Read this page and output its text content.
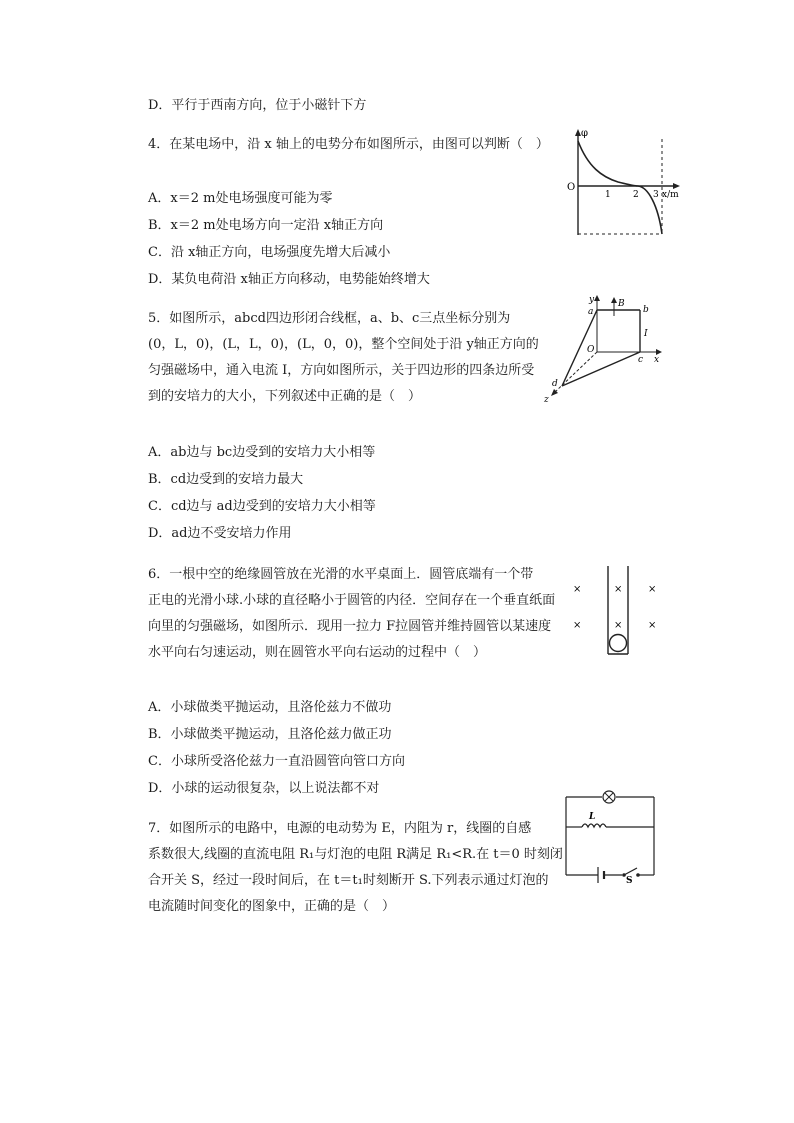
D．平行于西南方向，位于小磁针下方
4．在某电场中，沿 x 轴上的电势分布如图所示，由图可以判断（　）
A．x＝2 m处电场强度可能为零
B．x＝2 m处电场方向一定沿 x轴正方向
C．沿 x轴正方向，电场强度先增大后减小
D．某负电荷沿 x轴正方向移动，电势能始终增大
φ
O
1 2 3 x/m
5．如图所示，abcd四边形闭合线框，a、b、c三点坐标分别为
(0，L，0)，(L，L，0)，(L，0，0)，整个空间处于沿 y轴正方向的
匀强磁场中，通入电流 I，方向如图所示，关于四边形的四条边所受
到的安培力的大小，下列叙述中正确的是（　）
A．ab边与 bc边受到的安培力大小相等
B．cd边受到的安培力最大
C．cd边与 ad边受到的安培力大小相等
D．ad边不受安培力作用
y	B
a	b
I
O
c x
d
z
6．一根中空的绝缘圆管放在光滑的水平桌面上．圆管底端有一个带
正电的光滑小球.小球的直径略小于圆管的内径．空间存在一个垂直纸面
向里的匀强磁场，如图所示．现用一拉力 F拉圆管并维持圆管以某速度
水平向右匀速运动，则在圆管水平向右运动的过程中（　）
A．小球做类平抛运动，且洛伦兹力不做功
B．小球做类平抛运动，且洛伦兹力做正功
C．小球所受洛伦兹力一直沿圆管向管口方向
D．小球的运动很复杂，以上说法都不对
×	×	×
×	×	×
7．如图所示的电路中，电源的电动势为 E，内阻为 r，线圈的自感
系数很大,线圈的直流电阻 R₁与灯泡的电阻 R满足 R₁<R.在 t＝0 时刻闭
合开关 S，经过一段时间后，在 t＝t₁时刻断开 S.下列表示通过灯泡的
电流随时间变化的图象中，正确的是（　）
L
S
